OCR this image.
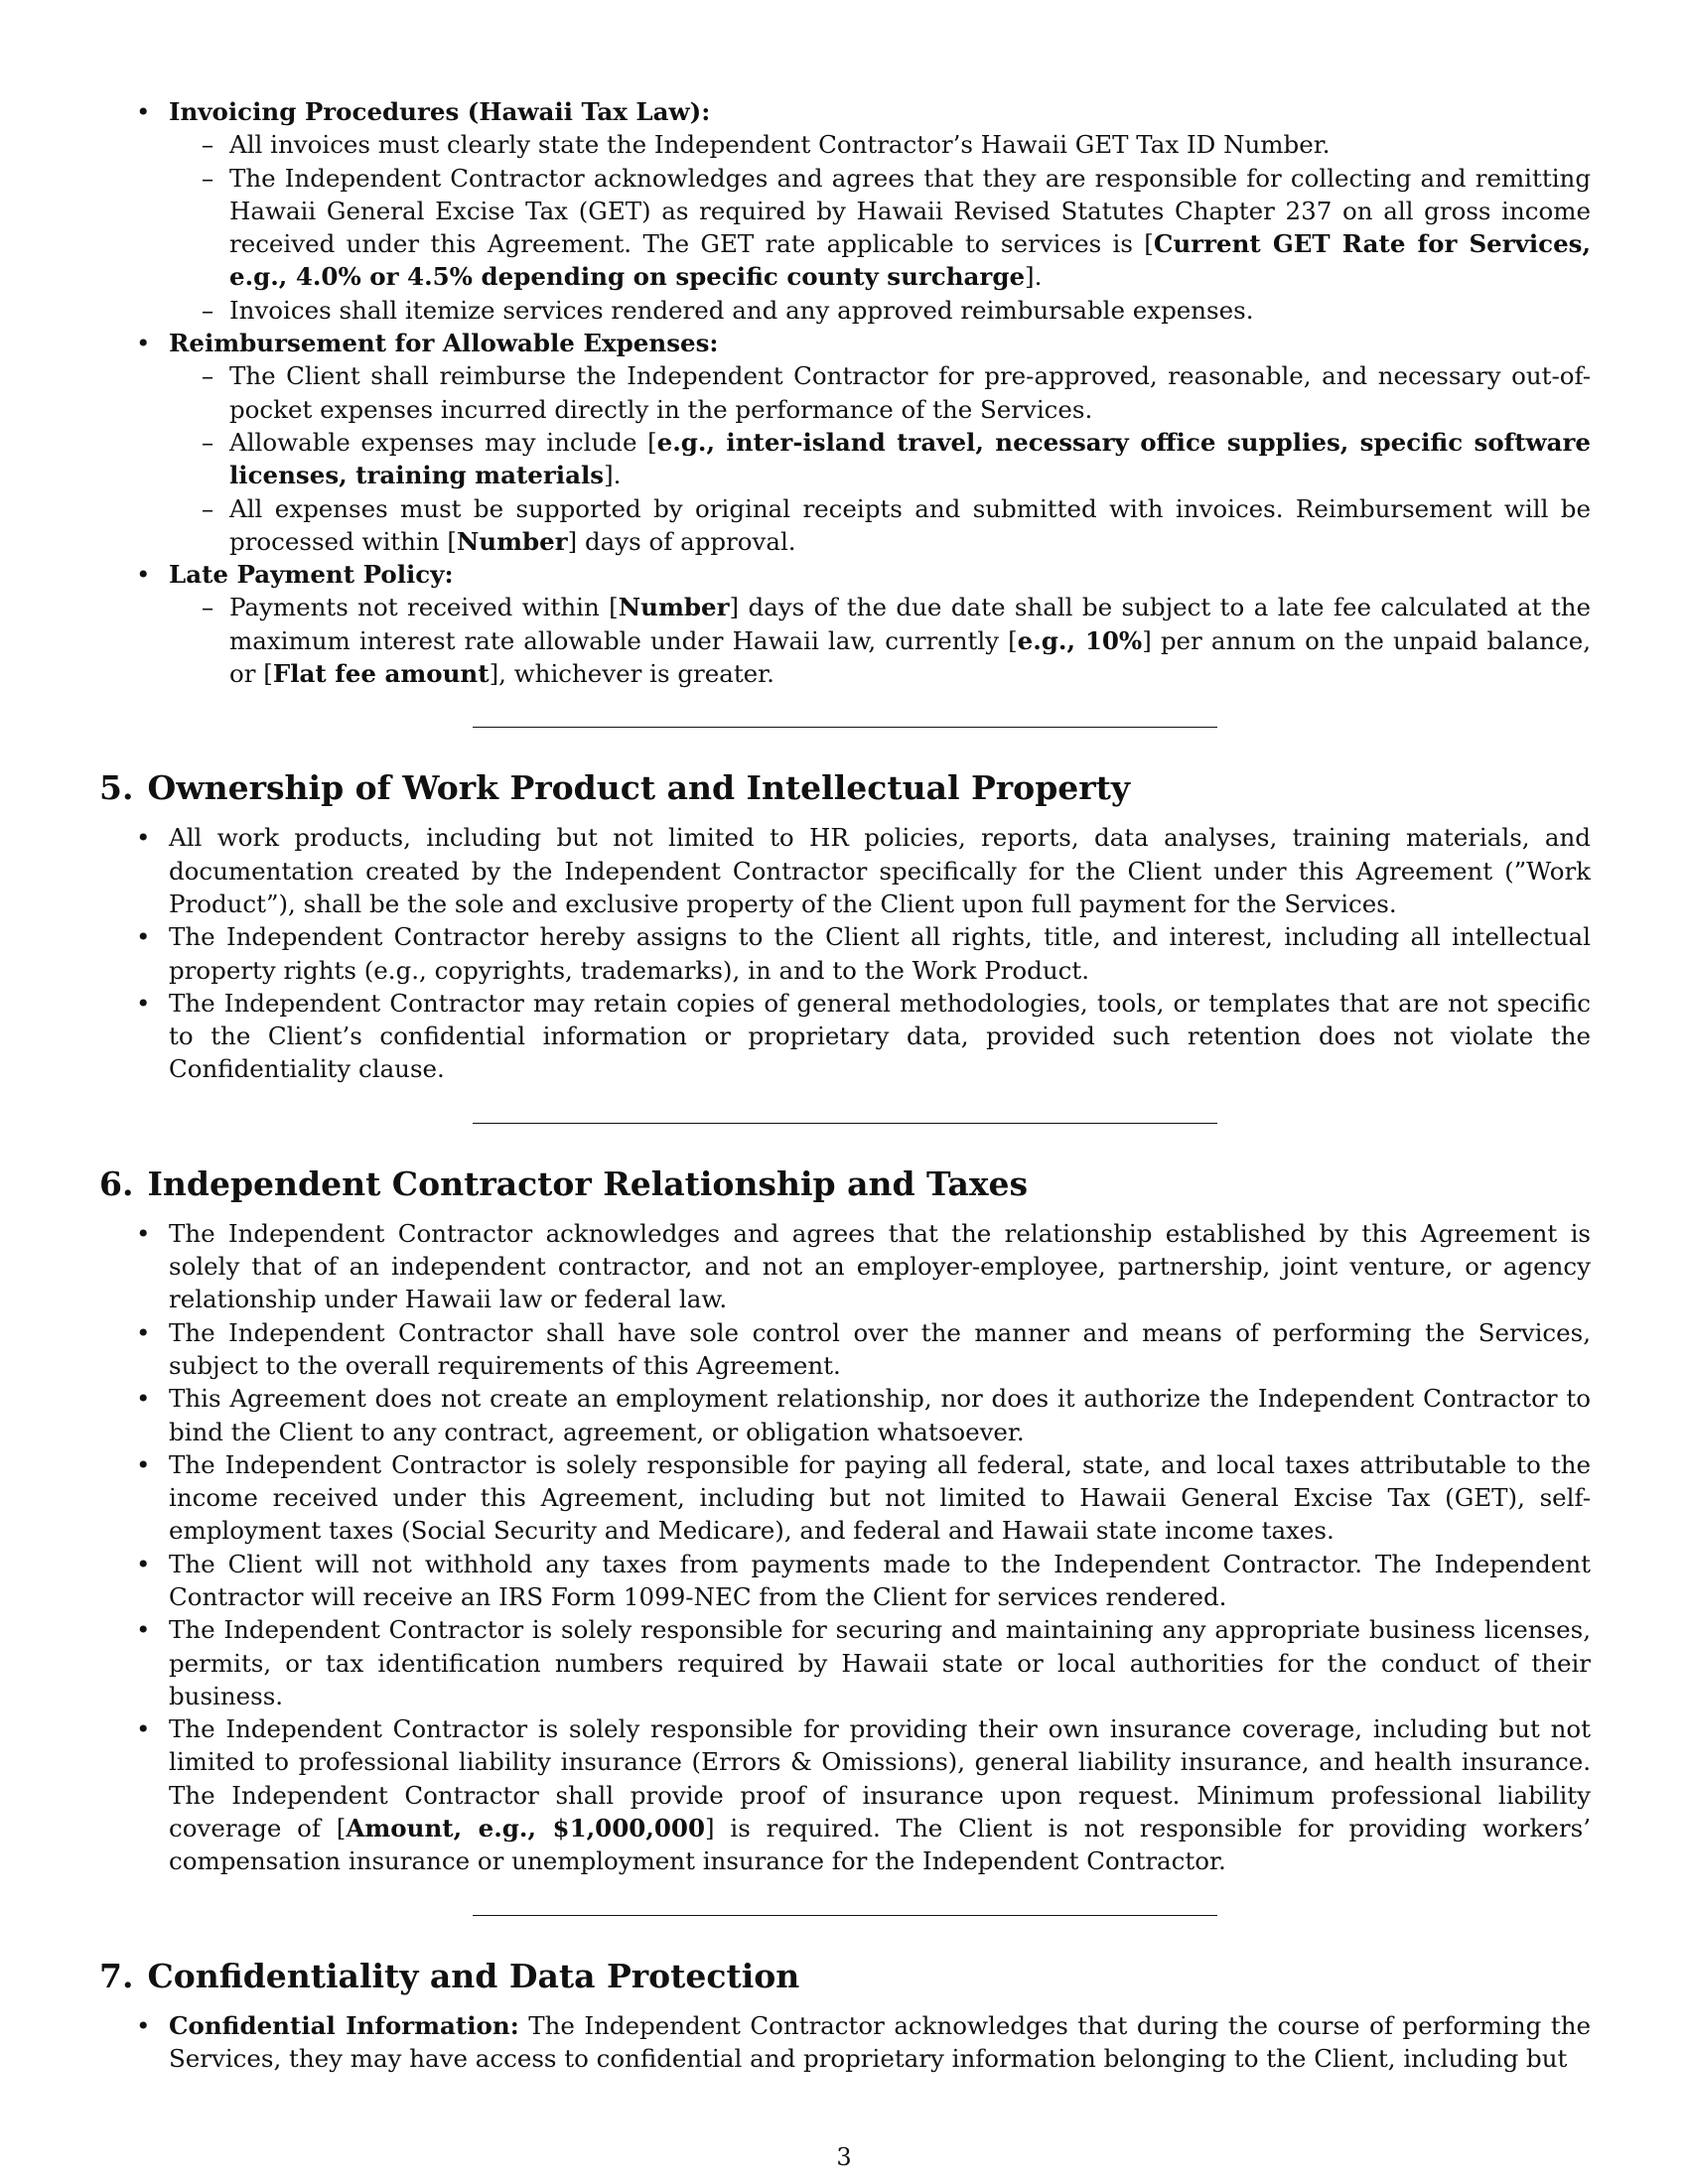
• Invoicing Procedures (Hawaii Tax Law):
– All invoices must clearly state the Independent Contractor’s Hawaii GET Tax ID Number.
– The Independent Contractor acknowledges and agrees that they are responsible for collecting and remitting Hawaii General Excise Tax (GET) as required by Hawaii Revised Statutes Chapter 237 on all gross income received under this Agreement. The GET rate applicable to services is [Current GET Rate for Services, e.g., 4.0% or 4.5% depending on specific county surcharge].
– Invoices shall itemize services rendered and any approved reimbursable expenses.
• Reimbursement for Allowable Expenses:
– The Client shall reimburse the Independent Contractor for pre-approved, reasonable, and necessary out-of-pocket expenses incurred directly in the performance of the Services.
– Allowable expenses may include [e.g., inter-island travel, necessary office supplies, specific software licenses, training materials].
– All expenses must be supported by original receipts and submitted with invoices. Reimbursement will be processed within [Number] days of approval.
• Late Payment Policy:
– Payments not received within [Number] days of the due date shall be subject to a late fee calculated at the maximum interest rate allowable under Hawaii law, currently [e.g., 10%] per annum on the unpaid balance, or [Flat fee amount], whichever is greater.
5. Ownership of Work Product and Intellectual Property
• All work products, including but not limited to HR policies, reports, data analyses, training materials, and documentation created by the Independent Contractor specifically for the Client under this Agreement (”Work Product”), shall be the sole and exclusive property of the Client upon full payment for the Services.
• The Independent Contractor hereby assigns to the Client all rights, title, and interest, including all intellectual property rights (e.g., copyrights, trademarks), in and to the Work Product.
• The Independent Contractor may retain copies of general methodologies, tools, or templates that are not specific to the Client’s confidential information or proprietary data, provided such retention does not violate the Confidentiality clause.
6. Independent Contractor Relationship and Taxes
• The Independent Contractor acknowledges and agrees that the relationship established by this Agreement is solely that of an independent contractor, and not an employer-employee, partnership, joint venture, or agency relationship under Hawaii law or federal law.
• The Independent Contractor shall have sole control over the manner and means of performing the Services, subject to the overall requirements of this Agreement.
• This Agreement does not create an employment relationship, nor does it authorize the Independent Contractor to bind the Client to any contract, agreement, or obligation whatsoever.
• The Independent Contractor is solely responsible for paying all federal, state, and local taxes attributable to the income received under this Agreement, including but not limited to Hawaii General Excise Tax (GET), self-employment taxes (Social Security and Medicare), and federal and Hawaii state income taxes.
• The Client will not withhold any taxes from payments made to the Independent Contractor. The Independent Contractor will receive an IRS Form 1099-NEC from the Client for services rendered.
• The Independent Contractor is solely responsible for securing and maintaining any appropriate business licenses, permits, or tax identification numbers required by Hawaii state or local authorities for the conduct of their business.
• The Independent Contractor is solely responsible for providing their own insurance coverage, including but not limited to professional liability insurance (Errors & Omissions), general liability insurance, and health insurance. The Independent Contractor shall provide proof of insurance upon request. Minimum professional liability coverage of [Amount, e.g., $1,000,000] is required. The Client is not responsible for providing workers’ compensation insurance or unemployment insurance for the Independent Contractor.
7. Confidentiality and Data Protection
• Confidential Information: The Independent Contractor acknowledges that during the course of performing the Services, they may have access to confidential and proprietary information belonging to the Client, including but
3
